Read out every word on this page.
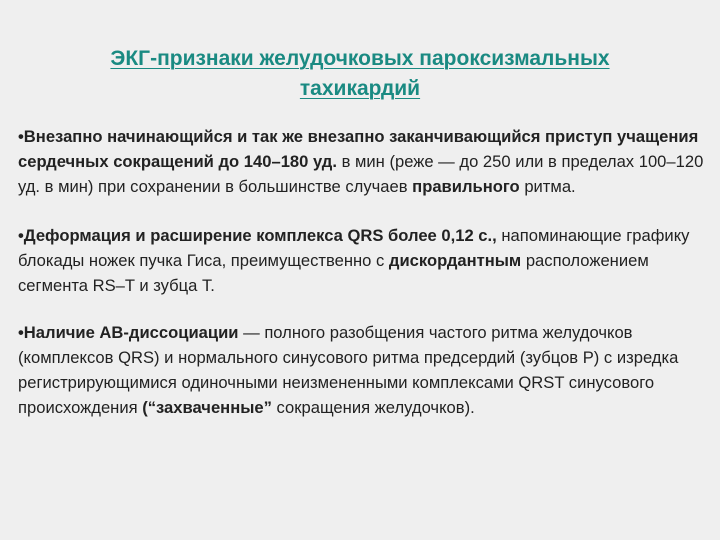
ЭКГ-признаки желудочковых пароксизмальных
тахикардий

•Внезапно начинающийся и так же внезапно заканчивающийся приступ учащения сердечных сокращений до 140–180 уд. в мин (реже — до 250 или в пределах 100–120 уд. в мин) при сохранении в большинстве случаев правильного ритма.

•Деформация и расширение комплекса QRS более 0,12 с., напоминающие графику блокады ножек пучка Гиса, преимущественно с дискордантным расположением сегмента RS–T и зубца Т.

•Наличие АВ-диссоциации — полного разобщения частого ритма желудочков (комплексов QRS) и нормального синусового ритма предсердий (зубцов Р) с изредка регистрирующимися одиночными неизмененными комплексами QRST синусового происхождения (“захваченные” сокращения желудочков).
